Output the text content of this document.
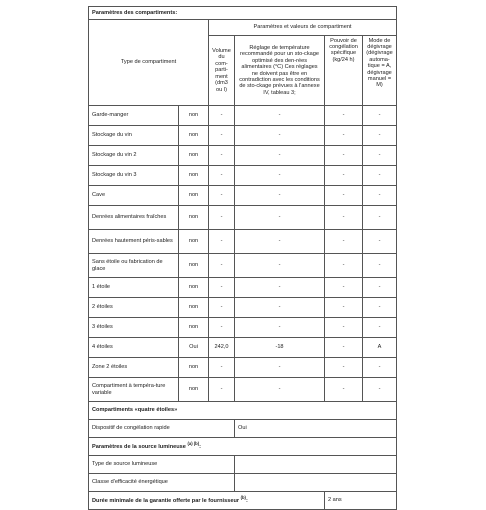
Paramètres des compartiments:					
Type de compartiment		Paramètres et valeurs de compartiment			
		Volume du com-parti-ment (dm3 ou l)	Réglage de température recommandé pour un sto-ckage optimisé des den-rées alimentaires (°C) Ces réglages ne doivent pas être en contradiction avec les conditions de sto-ckage prévues à l'annexe IV, tableau 3;	Pouvoir de congélation spécifique (kg/24 h)	Mode de dégivrage (dégivrage automa-tique = A, dégivrage manuel = M)
Garde-manger	non	-	-	-	-
Stockage du vin	non	-	-	-	-
Stockage du vin 2	non	-	-	-	-
Stockage du vin 3	non	-	-	-	-
Cave	non	-	-	-	-
Denrées alimentaires fraîches	non	-	-	-	-
Denrées hautement péris-sables	non	-	-	-	-
Sans étoile ou fabrication de glace	non	-	-	-	-
1 étoile	non	-	-	-	-
2 étoiles	non	-	-	-	-
3 étoiles	non	-	-	-	-
4 étoiles	Oui	242,0	-18	-	A
Zone 2 étoiles	non	-	-	-	-
Compartiment à tempéra-ture variable	non	-	-	-	-
Compartiments «quatre étoiles»					
Dispositif de congélation rapide			Oui		
Paramètres de la source lumineuse $^{(a) (b)}$:					
Type de source lumineuse					
Classe d'efficacité énergétique					
Durée minimale de la garantie offerte par le fournisseur $^{(b)}$:				2 ans	
